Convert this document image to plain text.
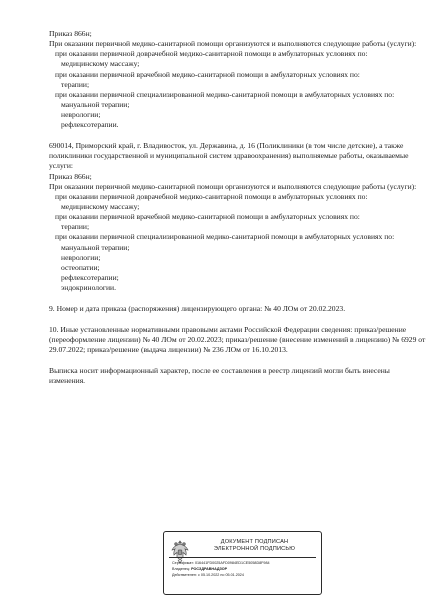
Приказ 866н;

При оказании первичной медико-санитарной помощи организуются и выполняются следующие работы (услуги):

при оказании первичной доврачебной медико-санитарной помощи в амбулаторных условиях по:

медицинскому массажу;

при оказании первичной врачебной медико-санитарной помощи в амбулаторных условиях по:

терапии;

при оказании первичной специализированной медико-санитарной помощи в амбулаторных условиях по:

мануальной терапии;

неврологии;

рефлексотерапии.

690014, Приморский край, г. Владивосток, ул. Державина, д. 16 (Поликлиники (в том числе детские), а также поликлиники государственной и муниципальной систем здравоохранения) выполняемые работы, оказываемые услуги:

Приказ 866н;

При оказании первичной медико-санитарной помощи организуются и выполняются следующие работы (услуги):

при оказании первичной доврачебной медико-санитарной помощи в амбулаторных условиях по:

медицинскому массажу;

при оказании первичной врачебной медико-санитарной помощи в амбулаторных условиях по:

терапии;

при оказании первичной специализированной медико-санитарной помощи в амбулаторных условиях по:

мануальной терапии;

неврологии;

остеопатии;

рефлексотерапии;

эндокринологии.

9. Номер и дата приказа (распоряжения) лицензирующего органа: № 40 ЛОм от 20.02.2023.

10. Иные установленные нормативными правовыми актами Российской Федерации сведения: приказ/решение (переоформление лицензии) № 40 ЛОм от 20.02.2023; приказ/решение (внесение изменений в лицензию) № 6929 от 29.07.2022; приказ/решение (выдача лицензии) № 236 ЛОм от 16.10.2013.

Выписка носит информационный характер, после ее составления в реестр лицензий могли быть внесены изменения.

ДОКУМЕНТ ПОДПИСАН
ЭЛЕКТРОННОЙ ПОДПИСЬЮ
Сертификат: 016441FD0025AFD0984ED1CE5058D8F984
Владелец: РОСЗДРАВНАДЗОР
Действителен: с 05.10.2022 по 05.01.2024
